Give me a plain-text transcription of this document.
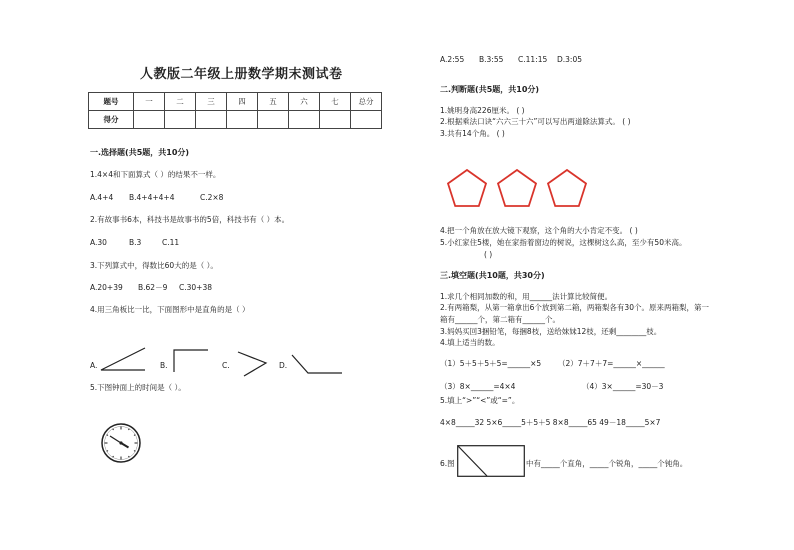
人教版二年级上册数学期末测试卷
题号	一	二	三	四	五	六	七	总分
得分								
一.选择题(共5题，共10分)
1.4×4和下面算式（ ）的结果不一样。
A.4+4 B.4+4+4+4	C.2×8
2.有故事书6本，科技书是故事书的5倍，科技书有（ ）本。
A.30	B.3	C.11
3.下列算式中，得数比60大的是（ ）。
A.20+39 B.62－9 C.30+38
4.用三角板比一比，下面图形中是直角的是（ ）
A.	B.	C.	D.
5.下图钟面上的时间是（ ）。
A.2:55 B.3:55 C.11:15 D.3:05
二.判断题(共5题，共10分)
1.姚明身高226厘米。 ( )
2.根据乘法口诀“六六三十六”可以写出两道除法算式。 ( )
3.共有14个角。 ( )
4.把一个角放在放大镜下观察，这个角的大小肯定不变。 ( )
5.小红家住5楼，她在家指着窗边的树说，这棵树这么高，至少有50米高。
( )
三.填空题(共10题，共30分)
1.求几个相同加数的和，用______法计算比较简便。
2.有两箱梨，从第一箱拿出6个放到第二箱，两箱梨各有30个。原来两箱梨，第一
箱有______个，第二箱有______个。
3.妈妈买回3捆铅笔，每捆8枝，送给妹妹12枝，还剩________枝。
4.填上适当的数。
（1）5＋5＋5＋5=______×5 （2）7＋7＋7=______×______
（3）8×______=4×4	（4）3×______=30－3
5.填上“>”“<”或“=”。
4×8_____32 5×6_____5＋5＋5 8×8_____65 49－18_____5×7
6.图	中有_____个直角，_____个锐角，_____个钝角。
